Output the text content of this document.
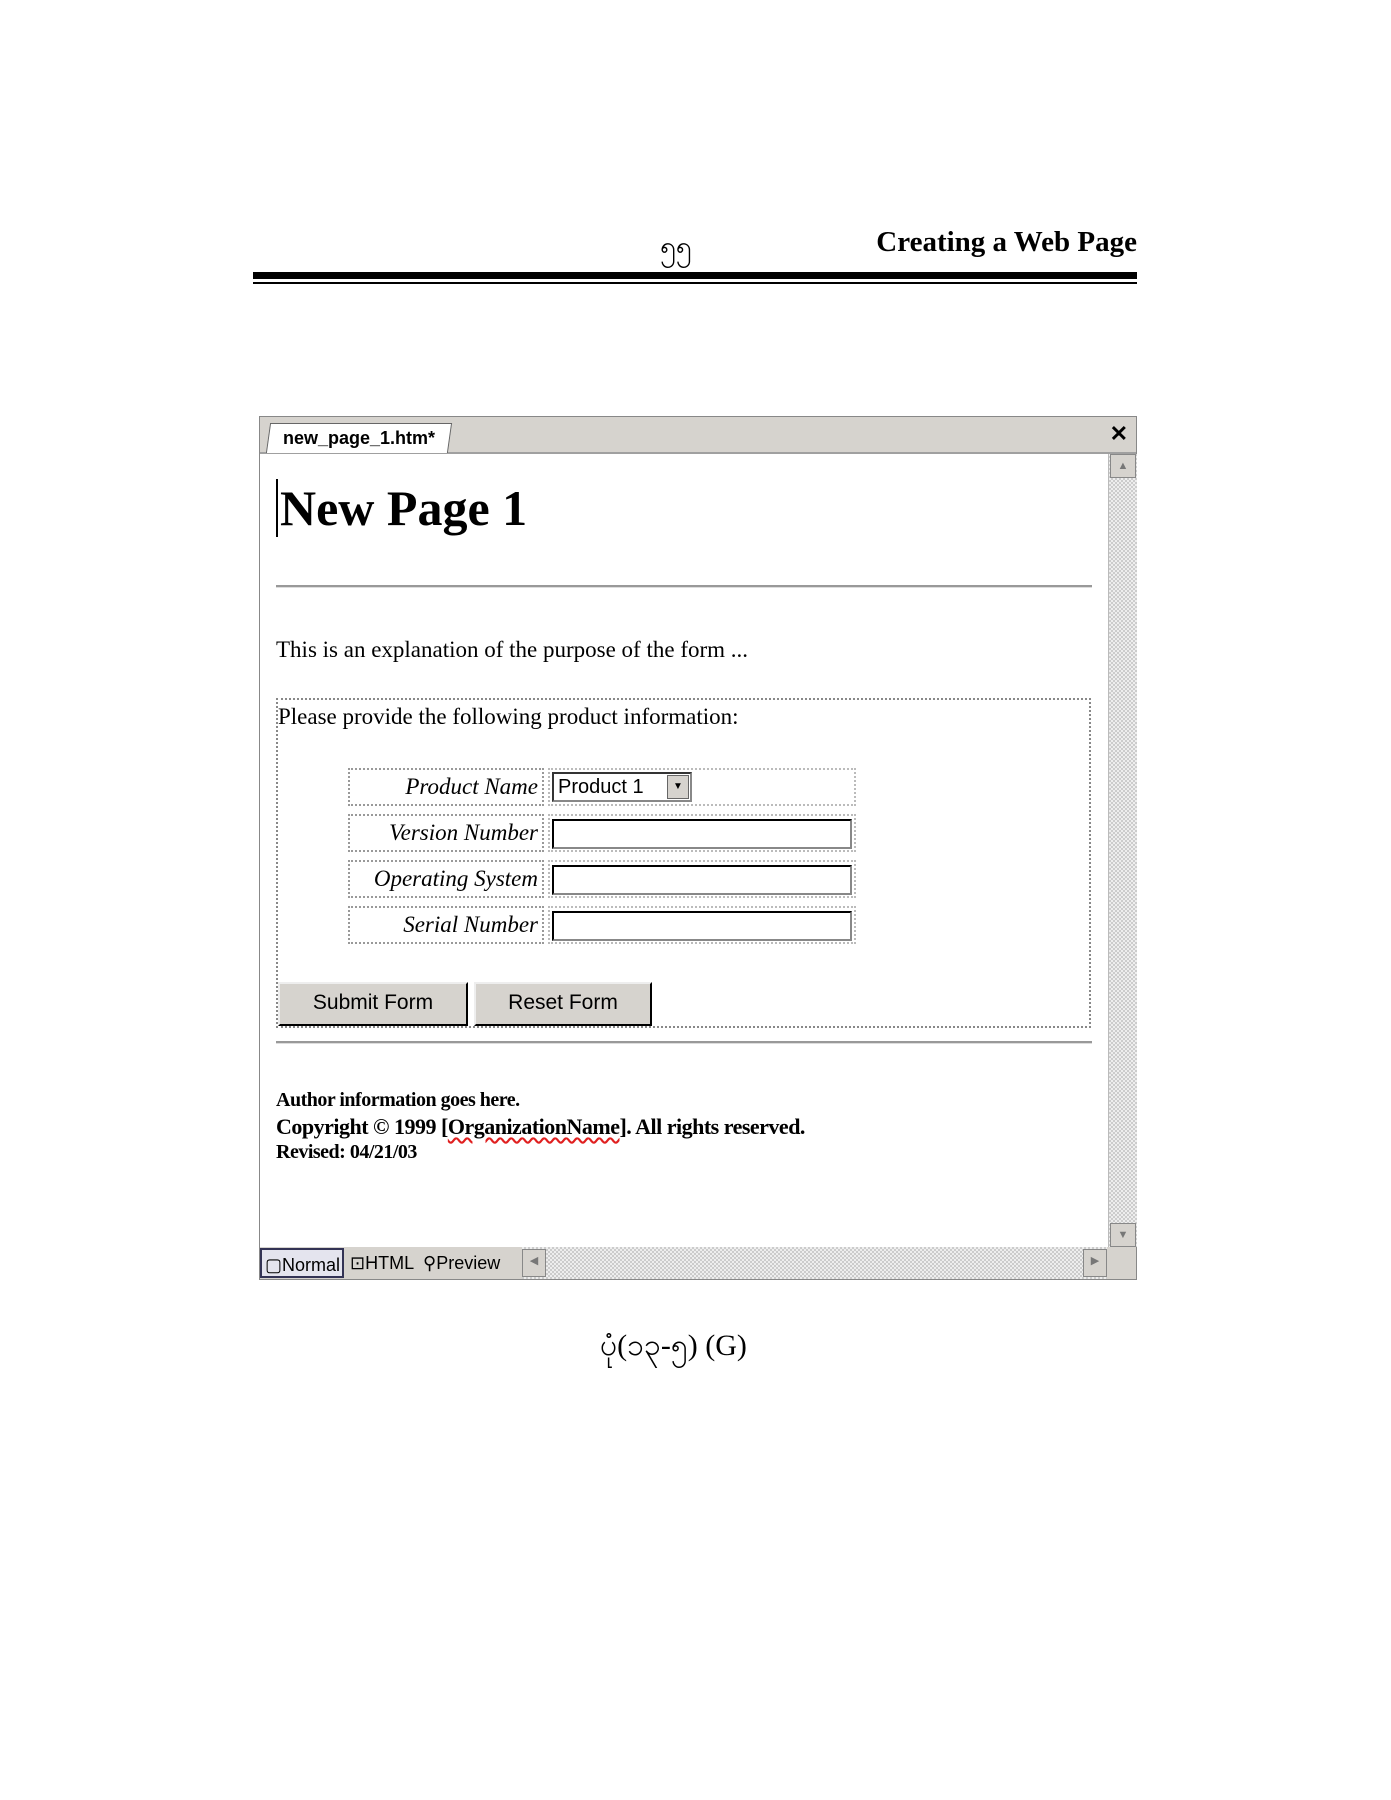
၅၅	Creating a Web Page
new_page_1.htm*	✕
▲
▼
New Page 1
This is an explanation of the purpose of the form ...
Please provide the following product information:
Product Name	Product 1	▼
Version Number
Operating System
Serial Number
Submit Form	Reset Form
Author information goes here.
Copyright © 1999 [OrganizationName]. All rights reserved.
Revised: 04/21/03
▢Normal ⊡HTML ⚲Preview	◀	▶
ပုံ(၁၃-၅) (G)
